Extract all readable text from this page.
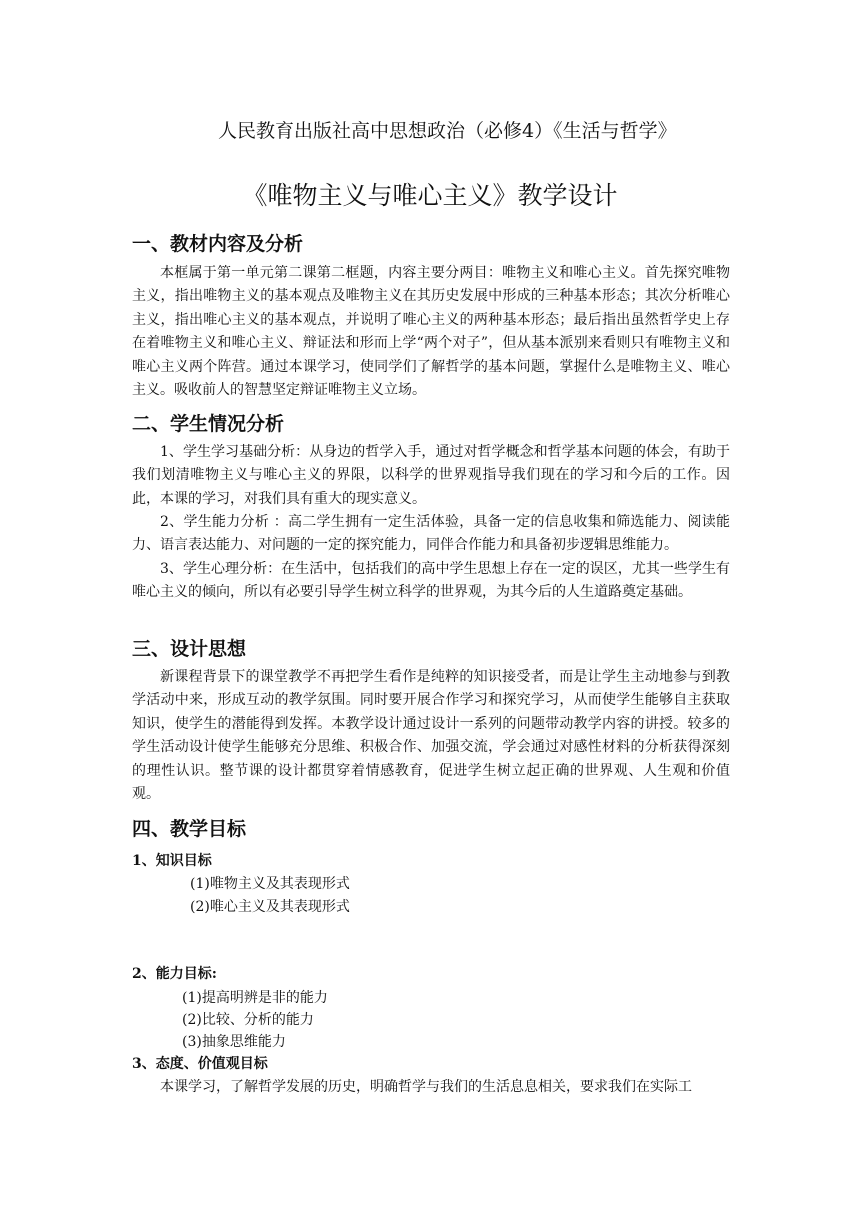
人民教育出版社高中思想政治（必修4）《生活与哲学》
《唯物主义与唯心主义》教学设计
一、教材内容及分析

本框属于第一单元第二课第二框题，内容主要分两目：唯物主义和唯心主义。首先探究唯物主义，指出唯物主义的基本观点及唯物主义在其历史发展中形成的三种基本形态；其次分析唯心主义，指出唯心主义的基本观点，并说明了唯心主义的两种基本形态；最后指出虽然哲学史上存在着唯物主义和唯心主义、辩证法和形而上学“两个对子”，但从基本派别来看则只有唯物主义和唯心主义两个阵营。通过本课学习，使同学们了解哲学的基本问题，掌握什么是唯物主义、唯心主义。吸收前人的智慧坚定辩证唯物主义立场。

二、学生情况分析

1、学生学习基础分析：从身边的哲学入手，通过对哲学概念和哲学基本问题的体会，有助于我们划清唯物主义与唯心主义的界限，以科学的世界观指导我们现在的学习和今后的工作。因此，本课的学习，对我们具有重大的现实意义。

2、学生能力分析 ：高二学生拥有一定生活体验，具备一定的信息收集和筛选能力、阅读能力、语言表达能力、对问题的一定的探究能力，同伴合作能力和具备初步逻辑思维能力。

3、学生心理分析：在生活中，包括我们的高中学生思想上存在一定的误区，尤其一些学生有唯心主义的倾向，所以有必要引导学生树立科学的世界观，为其今后的人生道路奠定基础。

三、设计思想

新课程背景下的课堂教学不再把学生看作是纯粹的知识接受者，而是让学生主动地参与到教学活动中来，形成互动的教学氛围。同时要开展合作学习和探究学习，从而使学生能够自主获取知识，使学生的潜能得到发挥。本教学设计通过设计一系列的问题带动教学内容的讲授。较多的学生活动设计使学生能够充分思维、积极合作、加强交流，学会通过对感性材料的分析获得深刻的理性认识。整节课的设计都贯穿着情感教育，促进学生树立起正确的世界观、人生观和价值观。

四、教学目标
1、知识目标
(1)唯物主义及其表现形式
(2)唯心主义及其表现形式
2、能力目标:
(1)提高明辨是非的能力
(2)比较、分析的能力
(3)抽象思维能力
3、态度、价值观目标
本课学习，了解哲学发展的历史，明确哲学与我们的生活息息相关，要求我们在实际工
